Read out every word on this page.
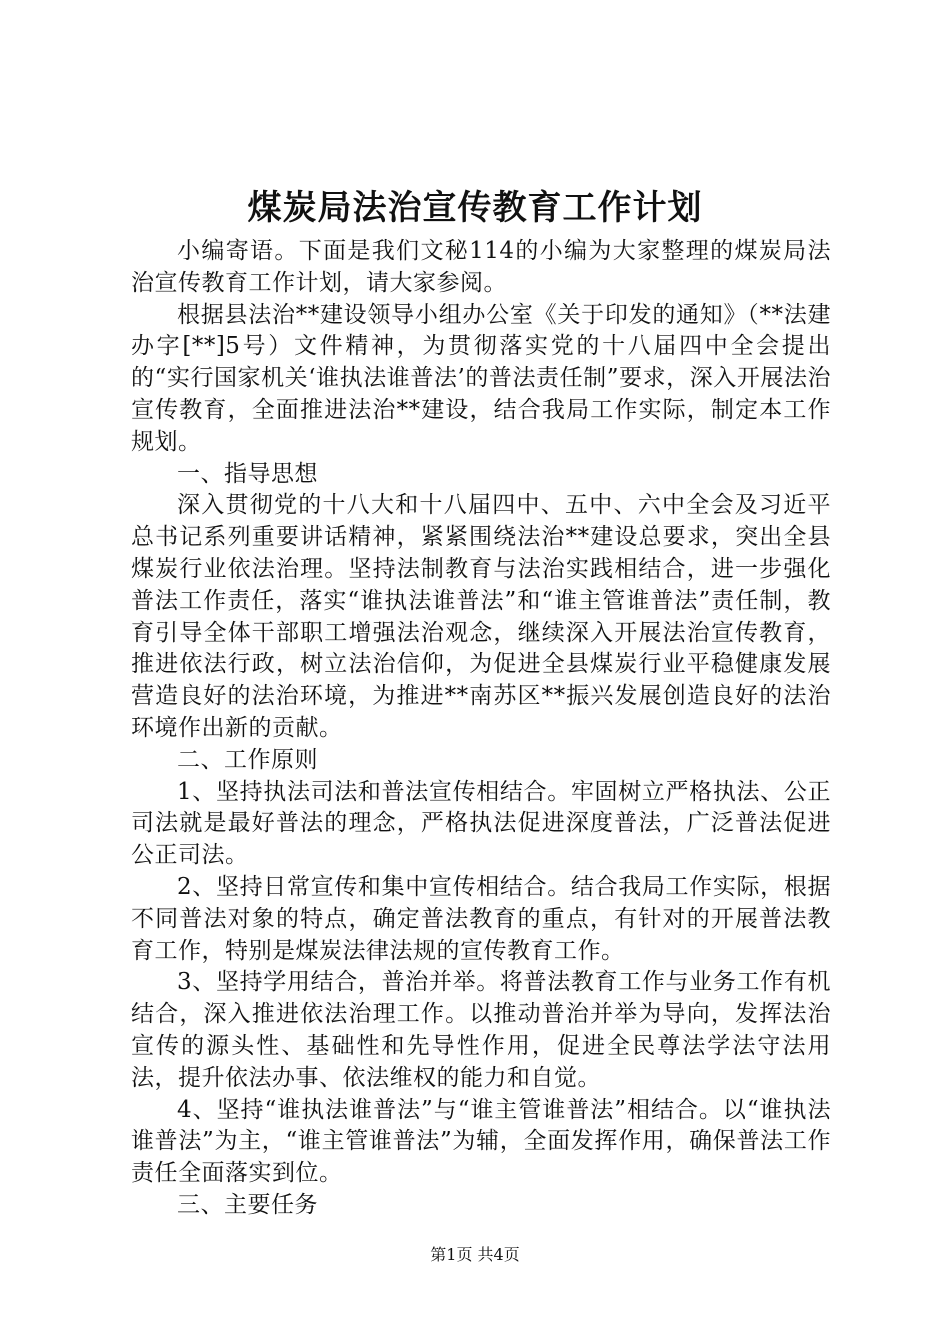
煤炭局法治宣传教育工作计划

小编寄语。下面是我们文秘114的小编为大家整理的煤炭局法治宣传教育工作计划，请大家参阅。

根据县法治**建设领导小组办公室《关于印发的通知》（**法建办字[**]5号）文件精神，为贯彻落实党的十八届四中全会提出的“实行国家机关‘谁执法谁普法’的普法责任制”要求，深入开展法治宣传教育，全面推进法治**建设，结合我局工作实际，制定本工作规划。

一、指导思想

深入贯彻党的十八大和十八届四中、五中、六中全会及习近平总书记系列重要讲话精神，紧紧围绕法治**建设总要求，突出全县煤炭行业依法治理。坚持法制教育与法治实践相结合，进一步强化普法工作责任，落实“谁执法谁普法”和“谁主管谁普法”责任制，教育引导全体干部职工增强法治观念，继续深入开展法治宣传教育，推进依法行政，树立法治信仰，为促进全县煤炭行业平稳健康发展营造良好的法治环境，为推进**南苏区**振兴发展创造良好的法治环境作出新的贡献。

二、工作原则

1、坚持执法司法和普法宣传相结合。牢固树立严格执法、公正司法就是最好普法的理念，严格执法促进深度普法，广泛普法促进公正司法。

2、坚持日常宣传和集中宣传相结合。结合我局工作实际，根据不同普法对象的特点，确定普法教育的重点，有针对的开展普法教育工作，特别是煤炭法律法规的宣传教育工作。

3、坚持学用结合，普治并举。将普法教育工作与业务工作有机结合，深入推进依法治理工作。以推动普治并举为导向，发挥法治宣传的源头性、基础性和先导性作用，促进全民尊法学法守法用法，提升依法办事、依法维权的能力和自觉。

4、坚持“谁执法谁普法”与“谁主管谁普法”相结合。以“谁执法谁普法”为主，“谁主管谁普法”为辅，全面发挥作用，确保普法工作责任全面落实到位。

三、主要任务

第1页 共4页
